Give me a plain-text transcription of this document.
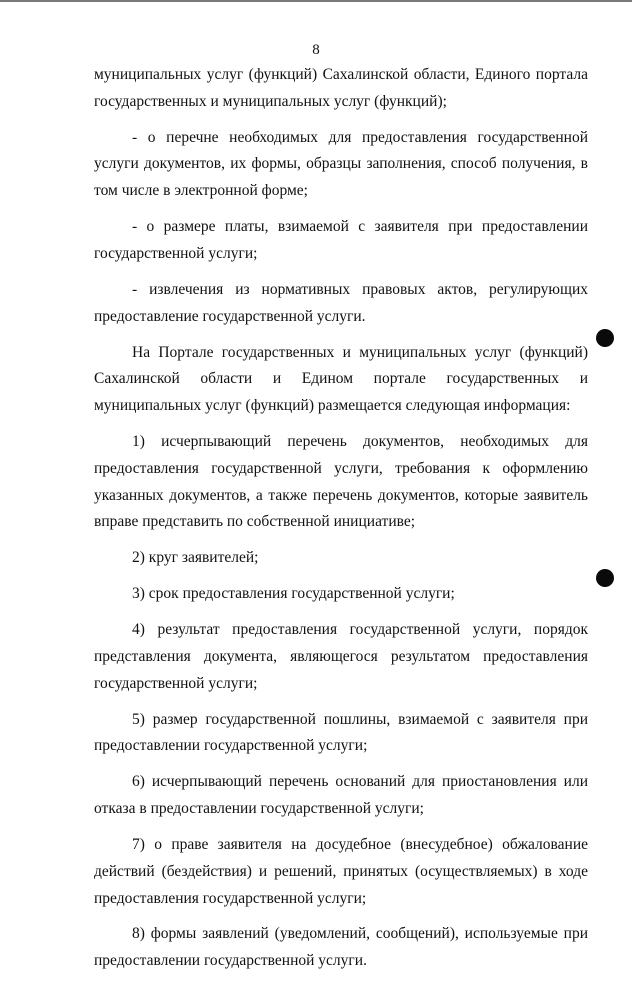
8

муниципальных услуг (функций) Сахалинской области, Единого портала государственных и муниципальных услуг (функций);

- о перечне необходимых для предоставления государственной услуги документов, их формы, образцы заполнения, способ получения, в том числе в электронной форме;

- о размере платы, взимаемой с заявителя при предоставлении государственной услуги;

- извлечения из нормативных правовых актов, регулирующих предоставление государственной услуги.

На Портале государственных и муниципальных услуг (функций) Сахалинской области и Едином портале государственных и муниципальных услуг (функций) размещается следующая информация:

1) исчерпывающий перечень документов, необходимых для предоставления государственной услуги, требования к оформлению указанных документов, а также перечень документов, которые заявитель вправе представить по собственной инициативе;

2) круг заявителей;

3) срок предоставления государственной услуги;

4) результат предоставления государственной услуги, порядок представления документа, являющегося результатом предоставления государственной услуги;

5) размер государственной пошлины, взимаемой с заявителя при предоставлении государственной услуги;

6) исчерпывающий перечень оснований для приостановления или отказа в предоставлении государственной услуги;

7) о праве заявителя на досудебное (внесудебное) обжалование действий (бездействия) и решений, принятых (осуществляемых) в ходе предоставления государственной услуги;

8) формы заявлений (уведомлений, сообщений), используемые при предоставлении государственной услуги.
